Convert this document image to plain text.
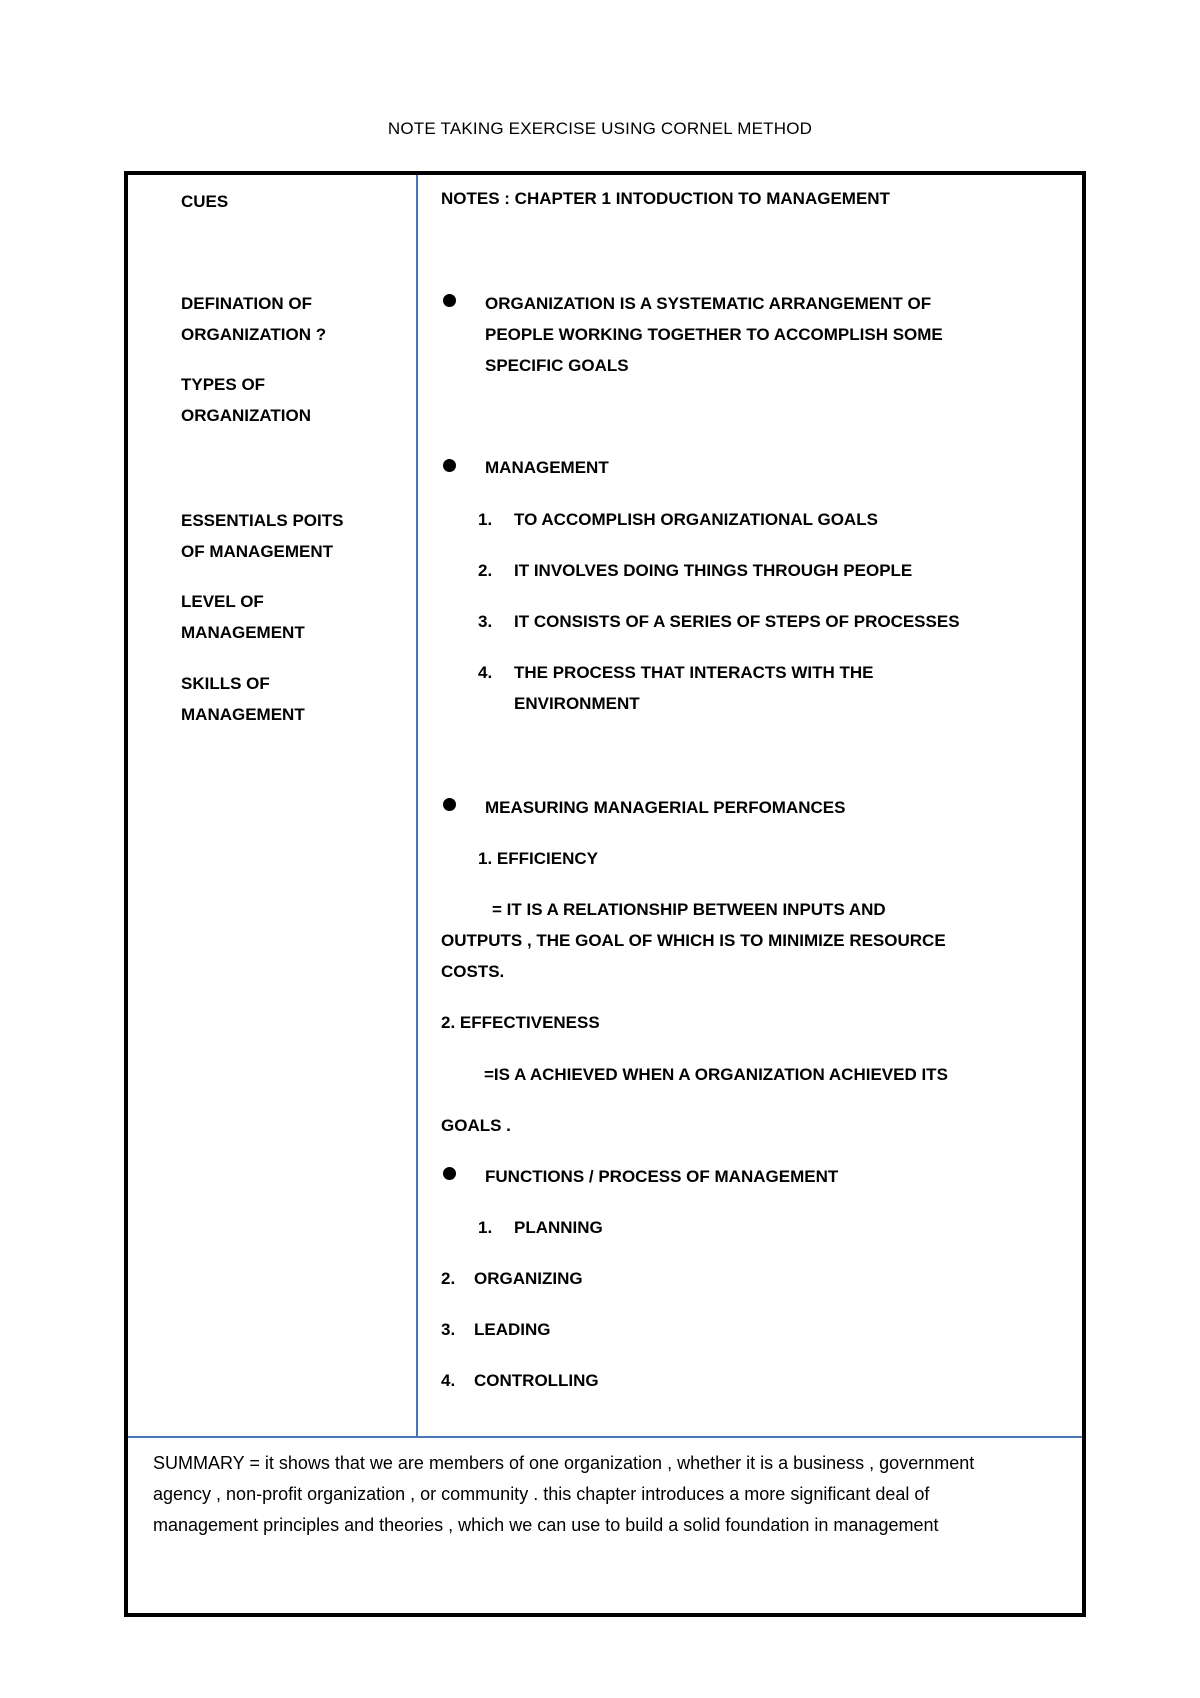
NOTE TAKING EXERCISE USING CORNEL METHOD
CUES
DEFINATION OF ORGANIZATION ?
TYPES OF ORGANIZATION
ESSENTIALS POITS OF MANAGEMENT
LEVEL OF MANAGEMENT
SKILLS OF MANAGEMENT
NOTES : CHAPTER 1 INTODUCTION TO MANAGEMENT
ORGANIZATION IS A SYSTEMATIC ARRANGEMENT OF PEOPLE WORKING TOGETHER TO ACCOMPLISH SOME SPECIFIC GOALS
MANAGEMENT
1. TO ACCOMPLISH ORGANIZATIONAL GOALS
2. IT INVOLVES DOING THINGS THROUGH PEOPLE
3. IT CONSISTS OF A SERIES OF STEPS OF PROCESSES
4. THE PROCESS THAT INTERACTS WITH THE ENVIRONMENT
MEASURING MANAGERIAL PERFOMANCES
1. EFFICIENCY
= IT IS A RELATIONSHIP BETWEEN INPUTS AND
OUTPUTS , THE GOAL OF WHICH IS TO MINIMIZE RESOURCE
COSTS.
2. EFFECTIVENESS
=IS A ACHIEVED WHEN A ORGANIZATION ACHIEVED ITS
GOALS .
FUNCTIONS / PROCESS OF MANAGEMENT
1. PLANNING
2. ORGANIZING
3. LEADING
4. CONTROLLING
SUMMARY = it shows that we are members of one organization , whether it is a business , government agency , non-profit organization , or community . this chapter introduces a more significant deal of management principles and theories , which we can use to build a solid foundation in management
